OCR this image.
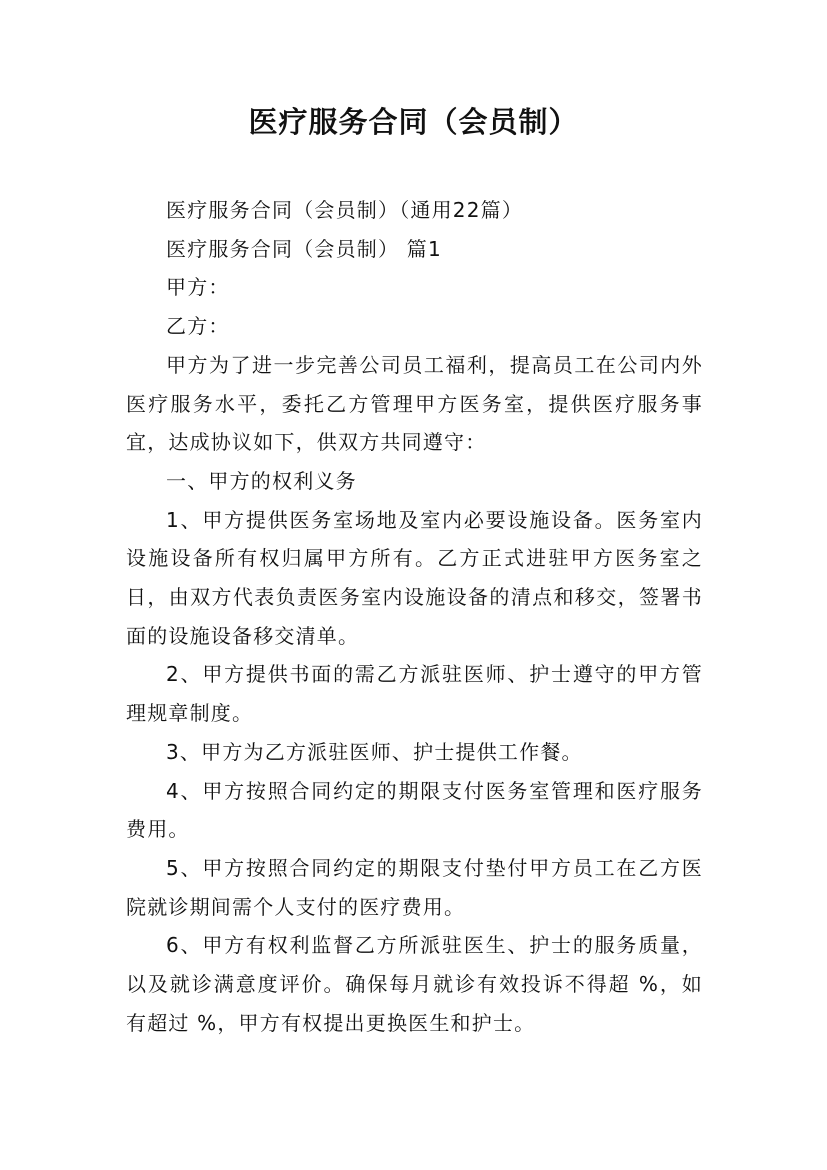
医疗服务合同（会员制）

医疗服务合同（会员制）（通用22篇）

医疗服务合同（会员制） 篇1

甲方：

乙方：

甲方为了进一步完善公司员工福利，提高员工在公司内外医疗服务水平，委托乙方管理甲方医务室，提供医疗服务事宜，达成协议如下，供双方共同遵守：

一、甲方的权利义务

1、甲方提供医务室场地及室内必要设施设备。医务室内设施设备所有权归属甲方所有。乙方正式进驻甲方医务室之日，由双方代表负责医务室内设施设备的清点和移交，签署书面的设施设备移交清单。

2、甲方提供书面的需乙方派驻医师、护士遵守的甲方管理规章制度。

3、甲方为乙方派驻医师、护士提供工作餐。

4、甲方按照合同约定的期限支付医务室管理和医疗服务费用。

5、甲方按照合同约定的期限支付垫付甲方员工在乙方医院就诊期间需个人支付的医疗费用。

6、甲方有权利监督乙方所派驻医生、护士的服务质量，以及就诊满意度评价。确保每月就诊有效投诉不得超 %，如有超过 %，甲方有权提出更换医生和护士。
